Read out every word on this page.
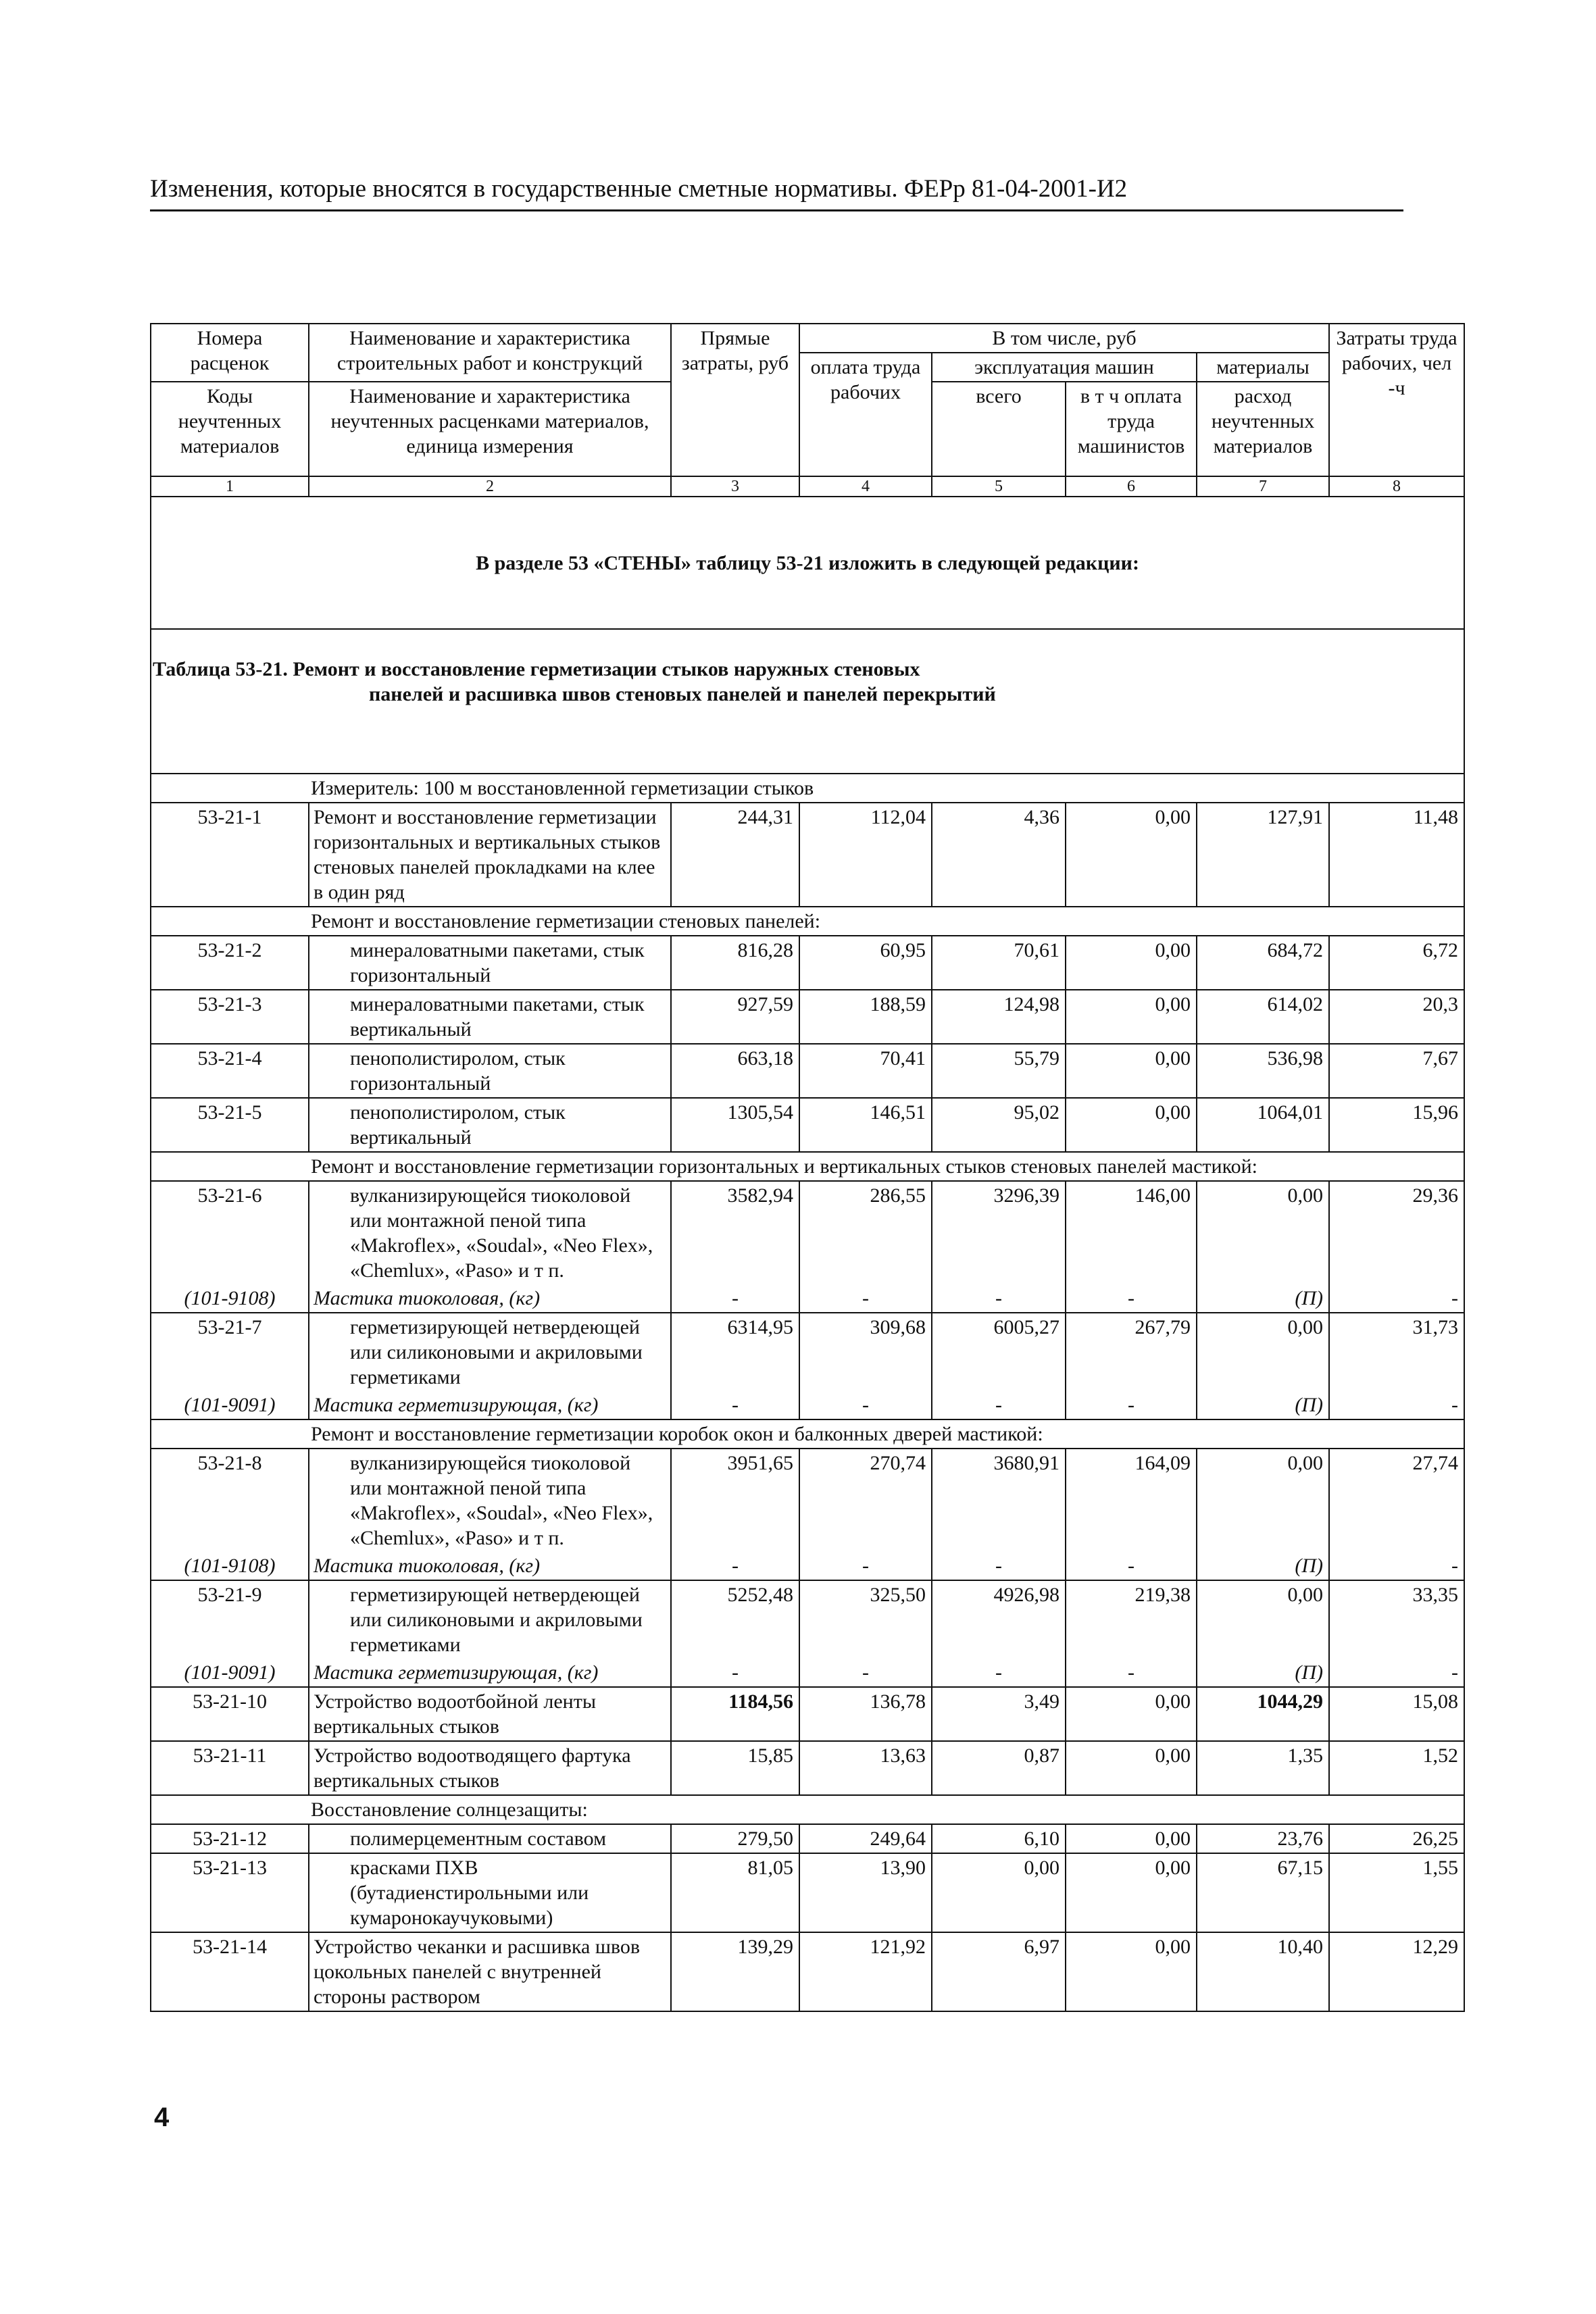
Изменения, которые вносятся в государственные сметные нормативы. ФЕРр 81-04-2001-И2
Номера расценок	Наименование и характеристика строительных работ и конструкций	Прямые затраты, руб	В том числе, руб				Затраты труда рабочих, чел -ч
			оплата труда рабочих	эксплуатация машин		материалы	
Коды неучтенных материалов	Наименование и характеристика неучтенных расценками материалов, единица измерения			всего	в т ч оплата труда машинистов	расход неучтенных материалов	

1	2	3	4	5	6	7	8
В разделе 53 «СТЕНЫ» таблицу 53-21 изложить в следующей редакции:							
Таблица 53-21. Ремонт и восстановление герметизации стыков наружных стеновых
панелей и расшивка швов стеновых панелей и панелей перекрытий							

Измеритель: 100 м восстановленной герметизации стыков							
53-21-1	Ремонт и восстановление герметизации горизонтальных и вертикальных стыков стеновых панелей прокладками на клее в один ряд	244,31	112,04	4,36	0,00	127,91	11,48
Ремонт и восстановление герметизации стеновых панелей:							
53-21-2	минераловатными пакетами, стык горизонтальный	816,28	60,95	70,61	0,00	684,72	6,72
53-21-3	минераловатными пакетами, стык вертикальный	927,59	188,59	124,98	0,00	614,02	20,3
53-21-4	пенополистиролом, стык горизонтальный	663,18	70,41	55,79	0,00	536,98	7,67
53-21-5	пенополистиролом, стык вертикальный	1305,54	146,51	95,02	0,00	1064,01	15,96
Ремонт и восстановление герметизации горизонтальных и вертикальных стыков стеновых панелей мастикой:							
53-21-6	вулканизирующейся тиоколовой или монтажной пеной типа «Makroflex», «Soudal», «Neo Flex», «Chemlux», «Paso» и т п.	3582,94	286,55	3296,39	146,00	0,00	29,36
(101-9108)	Мастика тиоколовая, (кг)	-	-	-	-	(П)	-
53-21-7	герметизирующей нетвердеющей или силиконовыми и акриловыми герметиками	6314,95	309,68	6005,27	267,79	0,00	31,73
(101-9091)	Мастика герметизирующая, (кг)	-	-	-	-	(П)	-
Ремонт и восстановление герметизации коробок окон и балконных дверей мастикой:							
53-21-8	вулканизирующейся тиоколовой или монтажной пеной типа «Makroflex», «Soudal», «Neo Flex», «Chemlux», «Paso» и т п.	3951,65	270,74	3680,91	164,09	0,00	27,74
(101-9108)	Мастика тиоколовая, (кг)	-	-	-	-	(П)	-
53-21-9	герметизирующей нетвердеющей или силиконовыми и акриловыми герметиками	5252,48	325,50	4926,98	219,38	0,00	33,35
(101-9091)	Мастика герметизирующая, (кг)	-	-	-	-	(П)	-
53-21-10	Устройство водоотбойной ленты вертикальных стыков	1184,56	136,78	3,49	0,00	1044,29	15,08
53-21-11	Устройство водоотводящего фартука вертикальных стыков	15,85	13,63	0,87	0,00	1,35	1,52
Восстановление солнцезащиты:							
53-21-12	полимерцементным составом	279,50	249,64	6,10	0,00	23,76	26,25
53-21-13	красками ПХВ (бутадиенстирольными или кумаронокаучуковыми)	81,05	13,90	0,00	0,00	67,15	1,55
53-21-14	Устройство чеканки и расшивка швов цокольных панелей с внутренней стороны раствором	139,29	121,92	6,97	0,00	10,40	12,29
4
